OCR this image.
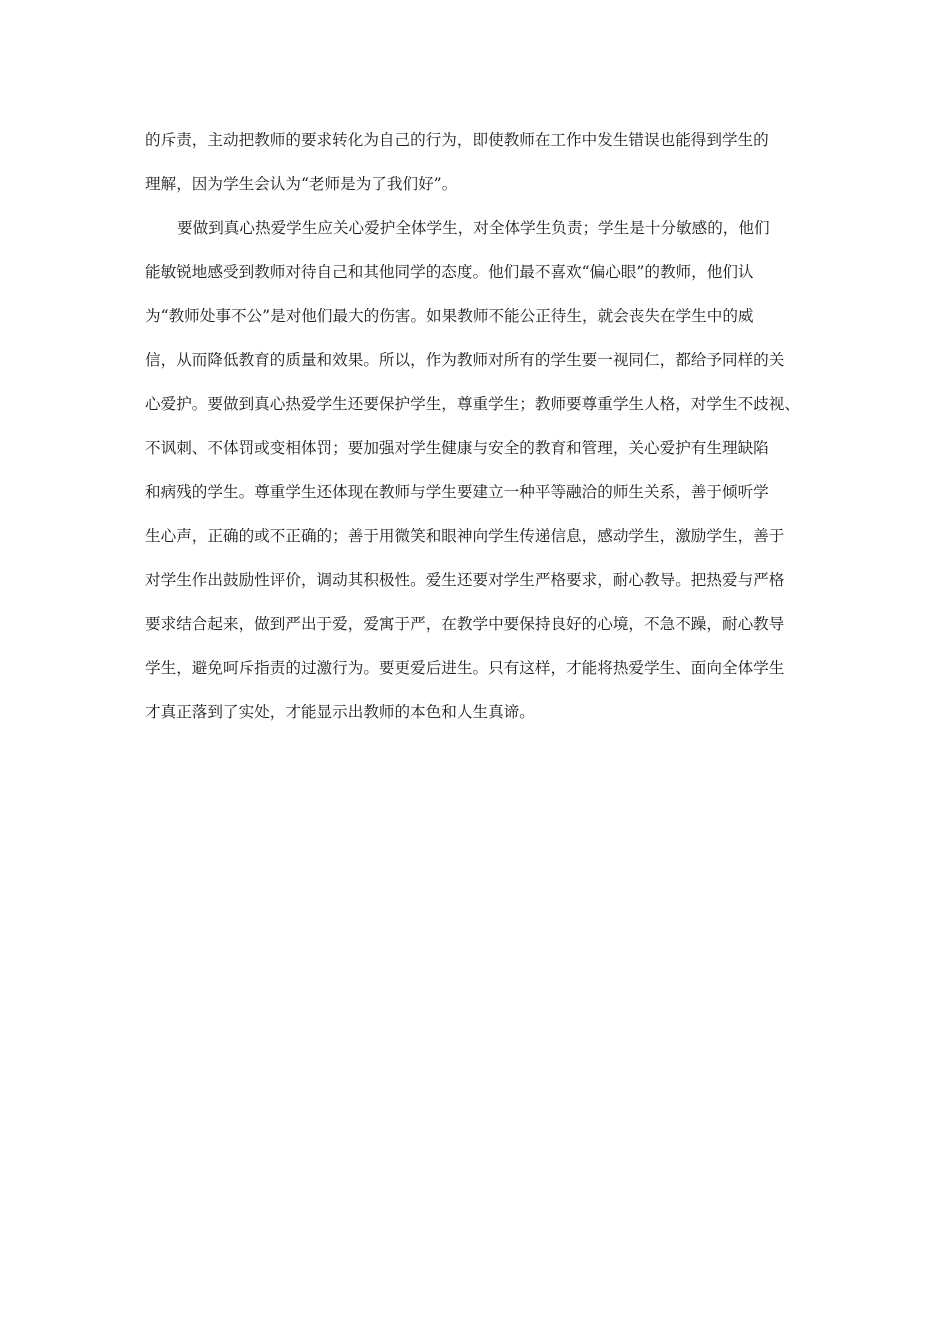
的斥责，主动把教师的要求转化为自己的行为，即使教师在工作中发生错误也能得到学生的
理解，因为学生会认为“老师是为了我们好”。
要做到真心热爱学生应关心爱护全体学生，对全体学生负责；学生是十分敏感的，他们
能敏锐地感受到教师对待自己和其他同学的态度。他们最不喜欢“偏心眼”的教师，他们认
为“教师处事不公”是对他们最大的伤害。如果教师不能公正待生，就会丧失在学生中的威
信，从而降低教育的质量和效果。所以，作为教师对所有的学生要一视同仁，都给予同样的关
心爱护。要做到真心热爱学生还要保护学生，尊重学生；教师要尊重学生人格，对学生不歧视、
不讽刺、不体罚或变相体罚；要加强对学生健康与安全的教育和管理，关心爱护有生理缺陷
和病残的学生。尊重学生还体现在教师与学生要建立一种平等融洽的师生关系，善于倾听学
生心声，正确的或不正确的；善于用微笑和眼神向学生传递信息，感动学生，激励学生，善于
对学生作出鼓励性评价，调动其积极性。爱生还要对学生严格要求，耐心教导。把热爱与严格
要求结合起来，做到严出于爱，爱寓于严，在教学中要保持良好的心境，不急不躁，耐心教导
学生，避免呵斥指责的过激行为。要更爱后进生。只有这样，才能将热爱学生、面向全体学生
才真正落到了实处，才能显示出教师的本色和人生真谛。
